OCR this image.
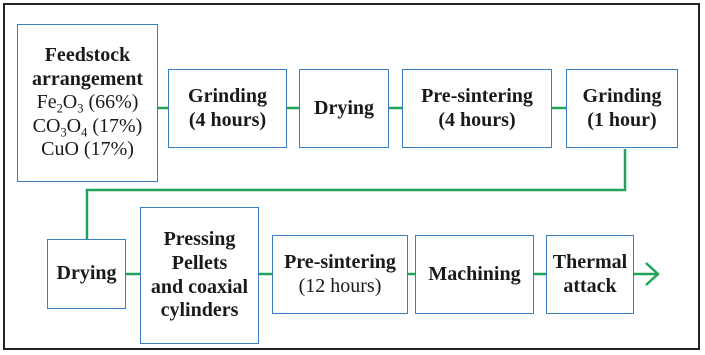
Feedstock
arrangement
$Fe_2O_3$ (66%)
$CO_3O_4$ (17%)
CuO (17%)
Grinding
(4 hours)
Drying
Pre-sintering
(4 hours)
Grinding
(1 hour)
Drying
Pressing
Pellets
and coaxial
cylinders
Pre-sintering
(12 hours)
Machining
Thermal
attack
